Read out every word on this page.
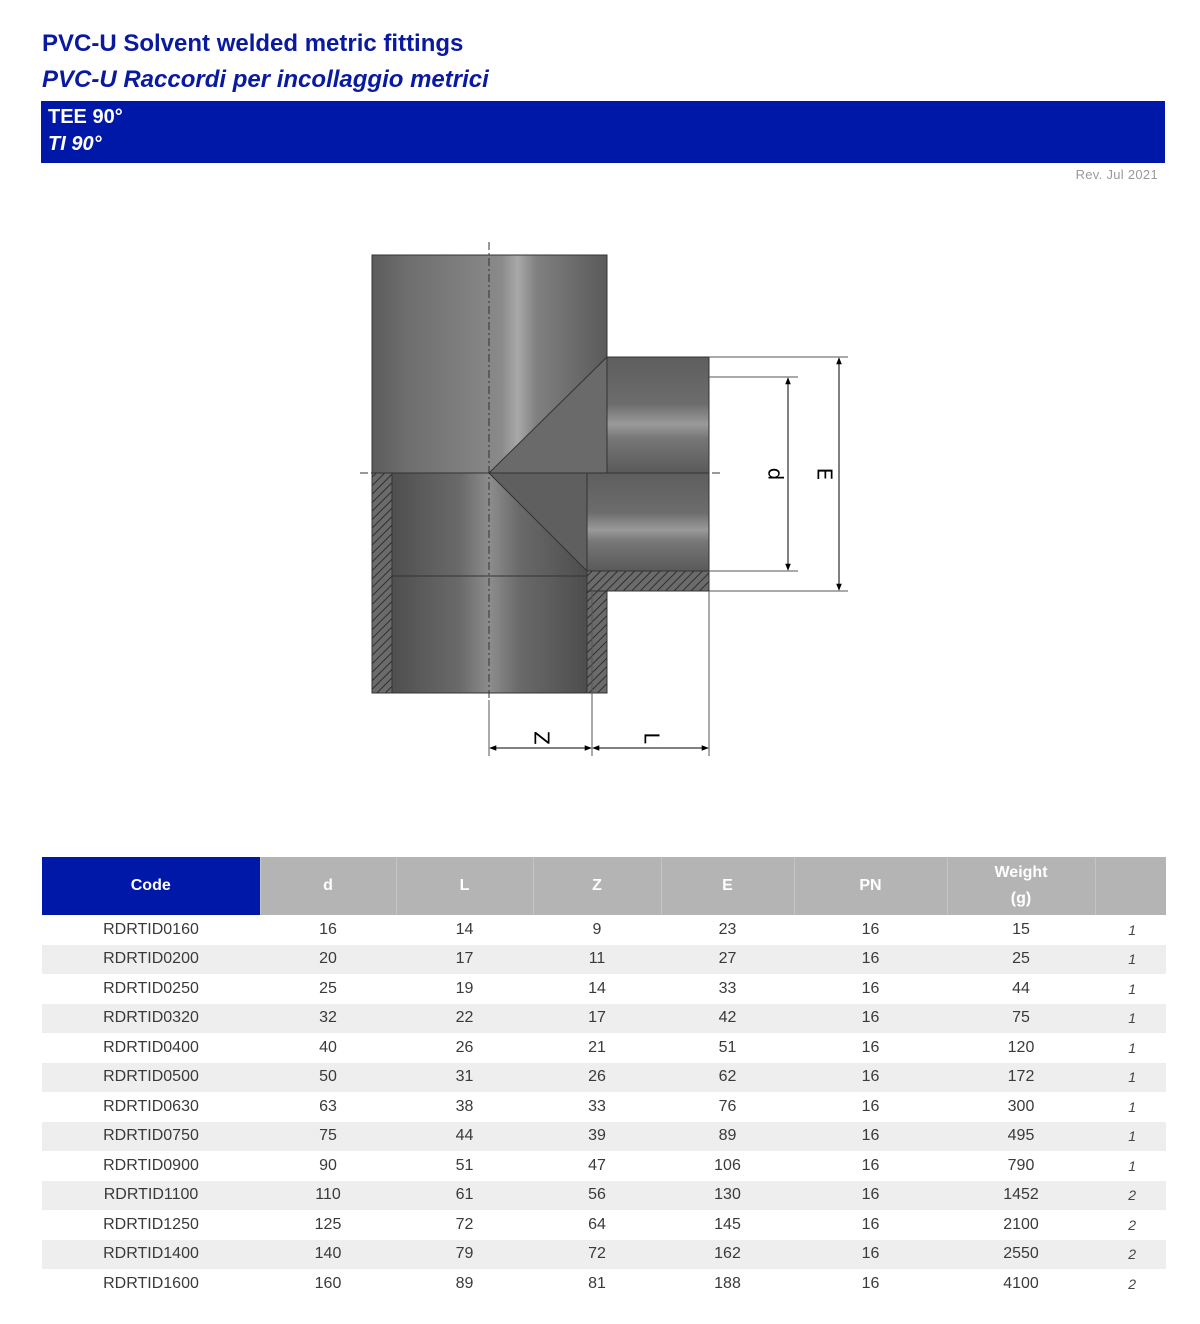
PVC-U Solvent welded metric fittings
PVC-U Raccordi per incollaggio metrici
TEE 90°
TI 90°
Rev. Jul 2021
d E
Z	L
Code	d	L	Z	E	PN	Weight
(g)	
RDRTID0160	16	14	9	23	16	15	1
RDRTID0200	20	17	11	27	16	25	1
RDRTID0250	25	19	14	33	16	44	1
RDRTID0320	32	22	17	42	16	75	1
RDRTID0400	40	26	21	51	16	120	1
RDRTID0500	50	31	26	62	16	172	1
RDRTID0630	63	38	33	76	16	300	1
RDRTID0750	75	44	39	89	16	495	1
RDRTID0900	90	51	47	106	16	790	1
RDRTID1100	110	61	56	130	16	1452	2
RDRTID1250	125	72	64	145	16	2100	2
RDRTID1400	140	79	72	162	16	2550	2
RDRTID1600	160	89	81	188	16	4100	2
